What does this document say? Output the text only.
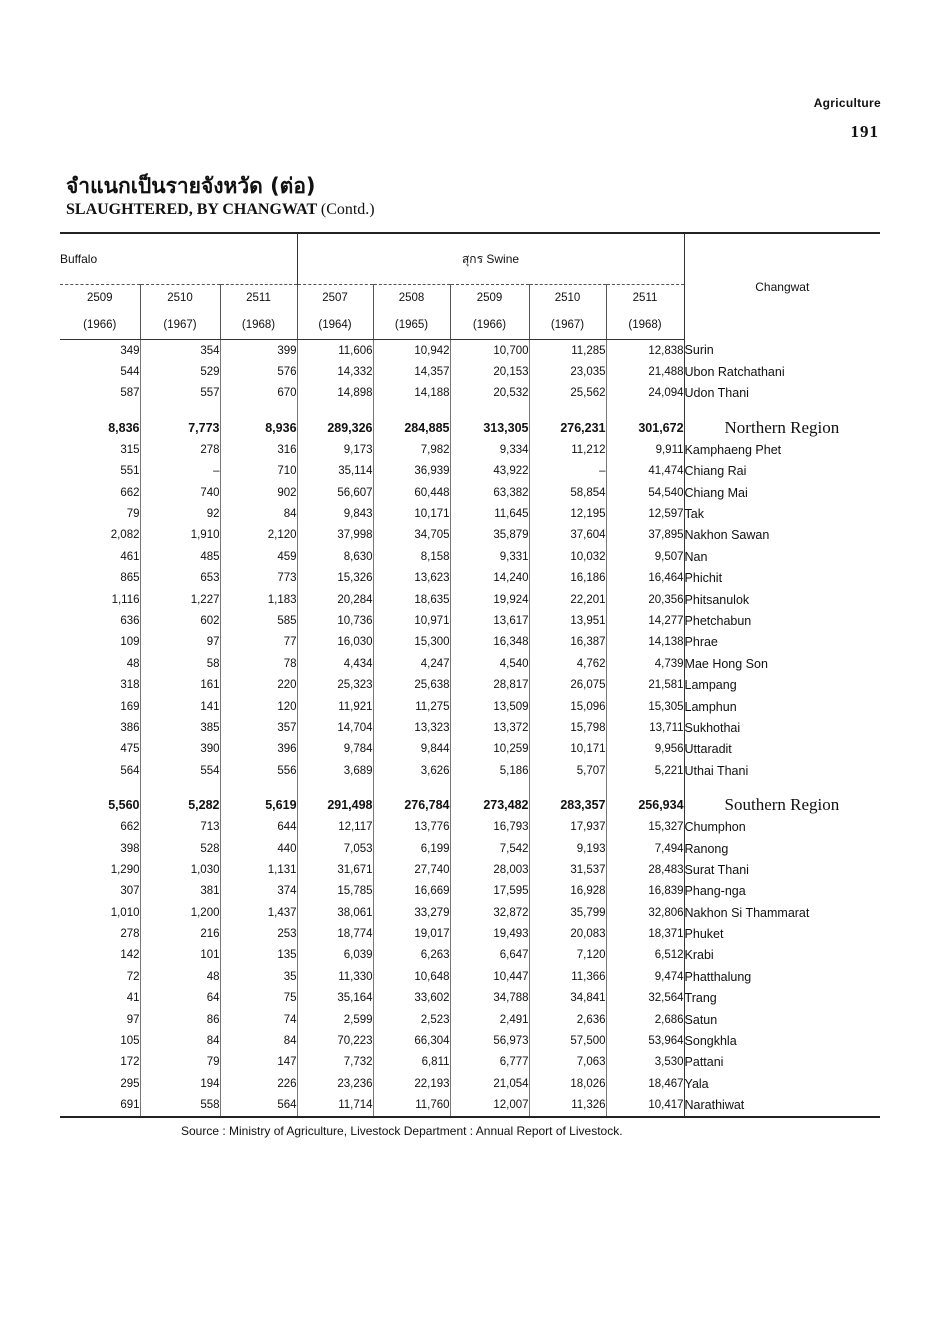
Agriculture
191
จำแนกเป็นรายจังหวัด (ต่อ)
SLAUGHTERED, BY CHANGWAT (Contd.)
Buffalo			สุกร Swine					Changwat
2509	2510	2511	2507	2508	2509	2510	2511	
(1966)	(1967)	(1968)	(1964)	(1965)	(1966)	(1967)	(1968)	
349	354	399	11,606	10,942	10,700	11,285	12,838	Surin
544	529	576	14,332	14,357	20,153	23,035	21,488	Ubon Ratchathani
587	557	670	14,898	14,188	20,532	25,562	24,094	Udon Thani

8,836	7,773	8,936	289,326	284,885	313,305	276,231	301,672	Northern Region
315	278	316	9,173	7,982	9,334	11,212	9,911	Kamphaeng Phet
551	–	710	35,114	36,939	43,922	–	41,474	Chiang Rai
662	740	902	56,607	60,448	63,382	58,854	54,540	Chiang Mai
79	92	84	9,843	10,171	11,645	12,195	12,597	Tak
2,082	1,910	2,120	37,998	34,705	35,879	37,604	37,895	Nakhon Sawan
461	485	459	8,630	8,158	9,331	10,032	9,507	Nan
865	653	773	15,326	13,623	14,240	16,186	16,464	Phichit
1,116	1,227	1,183	20,284	18,635	19,924	22,201	20,356	Phitsanulok
636	602	585	10,736	10,971	13,617	13,951	14,277	Phetchabun
109	97	77	16,030	15,300	16,348	16,387	14,138	Phrae
48	58	78	4,434	4,247	4,540	4,762	4,739	Mae Hong Son
318	161	220	25,323	25,638	28,817	26,075	21,581	Lampang
169	141	120	11,921	11,275	13,509	15,096	15,305	Lamphun
386	385	357	14,704	13,323	13,372	15,798	13,711	Sukhothai
475	390	396	9,784	9,844	10,259	10,171	9,956	Uttaradit
564	554	556	3,689	3,626	5,186	5,707	5,221	Uthai Thani

5,560	5,282	5,619	291,498	276,784	273,482	283,357	256,934	Southern Region
662	713	644	12,117	13,776	16,793	17,937	15,327	Chumphon
398	528	440	7,053	6,199	7,542	9,193	7,494	Ranong
1,290	1,030	1,131	31,671	27,740	28,003	31,537	28,483	Surat Thani
307	381	374	15,785	16,669	17,595	16,928	16,839	Phang-nga
1,010	1,200	1,437	38,061	33,279	32,872	35,799	32,806	Nakhon Si Thammarat
278	216	253	18,774	19,017	19,493	20,083	18,371	Phuket
142	101	135	6,039	6,263	6,647	7,120	6,512	Krabi
72	48	35	11,330	10,648	10,447	11,366	9,474	Phatthalung
41	64	75	35,164	33,602	34,788	34,841	32,564	Trang
97	86	74	2,599	2,523	2,491	2,636	2,686	Satun
105	84	84	70,223	66,304	56,973	57,500	53,964	Songkhla
172	79	147	7,732	6,811	6,777	7,063	3,530	Pattani
295	194	226	23,236	22,193	21,054	18,026	18,467	Yala
691	558	564	11,714	11,760	12,007	11,326	10,417	Narathiwat
Source : Ministry of Agriculture, Livestock Department : Annual Report of Livestock.
